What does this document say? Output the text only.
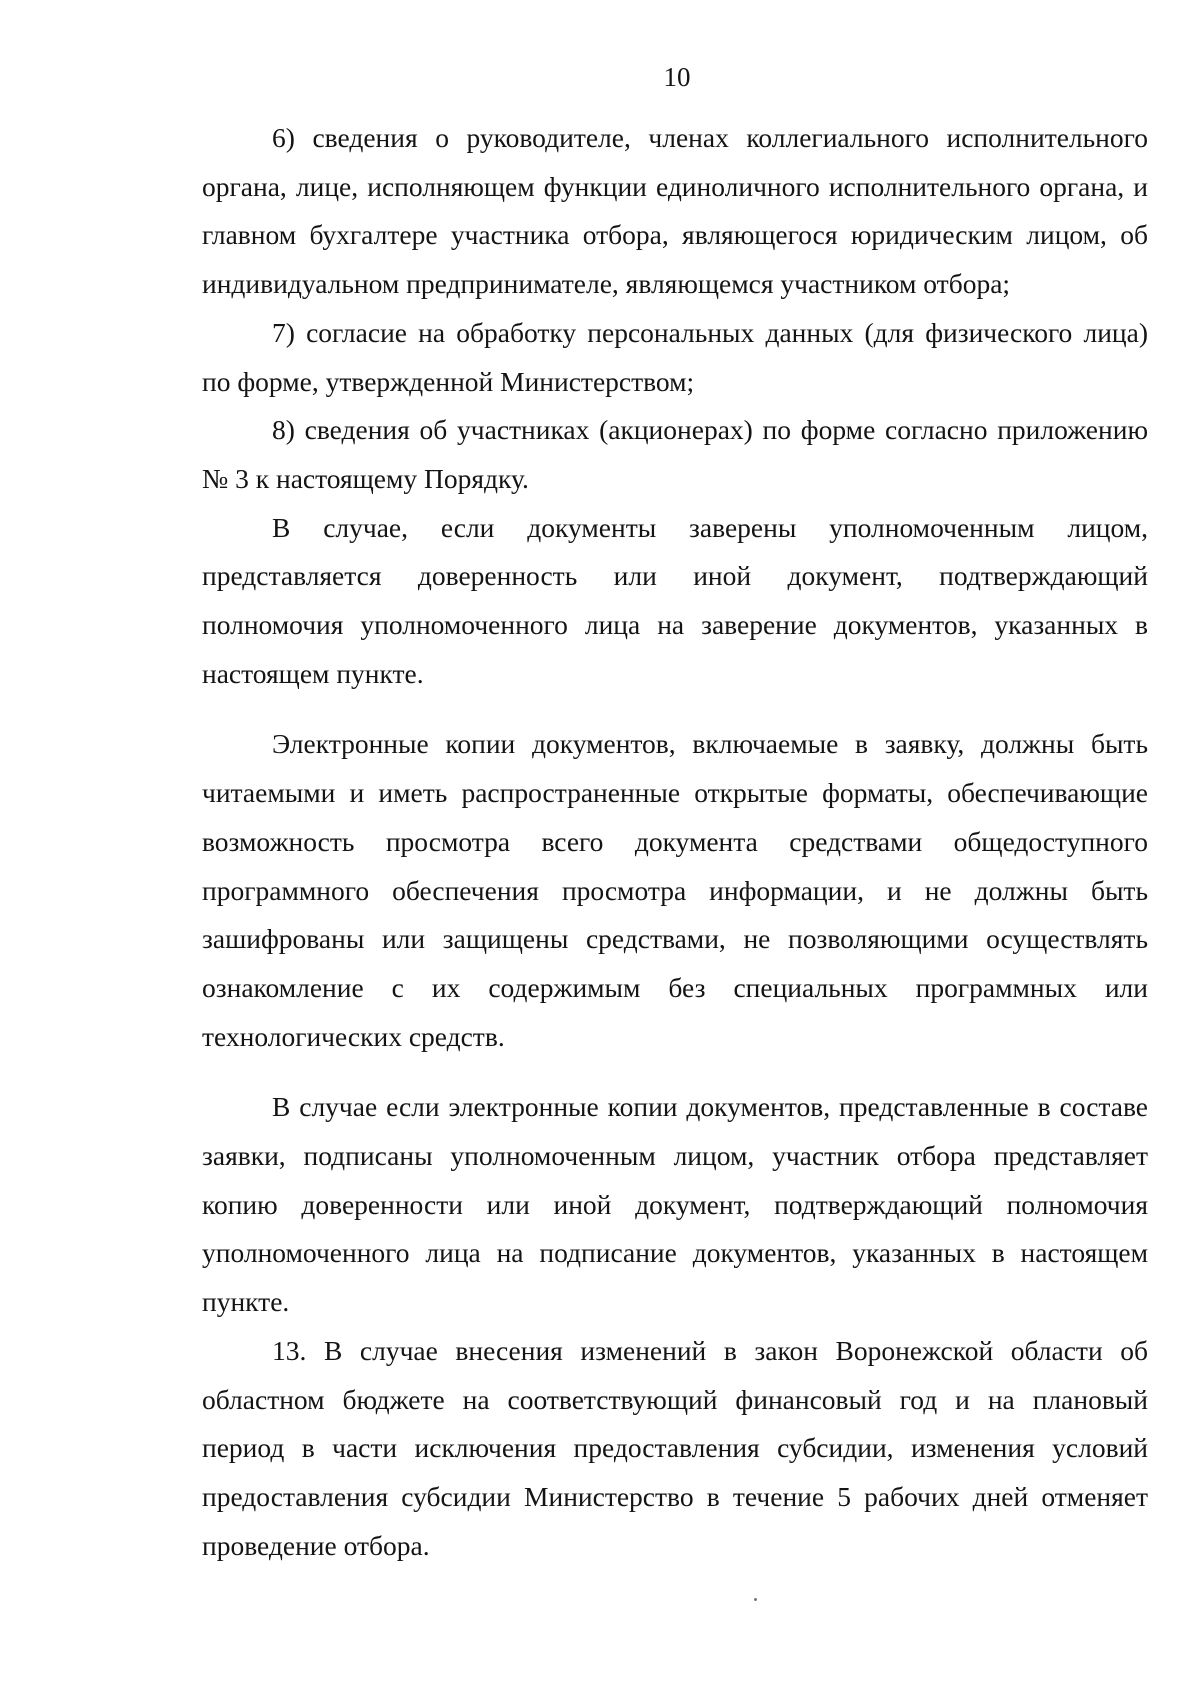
10

6) сведения о руководителе, членах коллегиального исполнительного органа, лице, исполняющем функции единоличного исполнительного органа, и главном бухгалтере участника отбора, являющегося юридическим лицом, об индивидуальном предпринимателе, являющемся участником отбора;

7) согласие на обработку персональных данных (для физического лица) по форме, утвержденной Министерством;

8) сведения об участниках (акционерах) по форме согласно приложению № 3 к настоящему Порядку.

В случае, если документы заверены уполномоченным лицом, представляется доверенность или иной документ, подтверждающий полномочия уполномоченного лица на заверение документов, указанных в настоящем пункте.

Электронные копии документов, включаемые в заявку, должны быть читаемыми и иметь распространенные открытые форматы, обеспечивающие возможность просмотра всего документа средствами общедоступного программного обеспечения просмотра информации, и не должны быть зашифрованы или защищены средствами, не позволяющими осуществлять ознакомление с их содержимым без специальных программных или технологических средств.

В случае если электронные копии документов, представленные в составе заявки, подписаны уполномоченным лицом, участник отбора представляет копию доверенности или иной документ, подтверждающий полномочия уполномоченного лица на подписание документов, указанных в настоящем пункте.

13. В случае внесения изменений в закон Воронежской области об областном бюджете на соответствующий финансовый год и на плановый период в части исключения предоставления субсидии, изменения условий предоставления субсидии Министерство в течение 5 рабочих дней отменяет проведение отбора.
